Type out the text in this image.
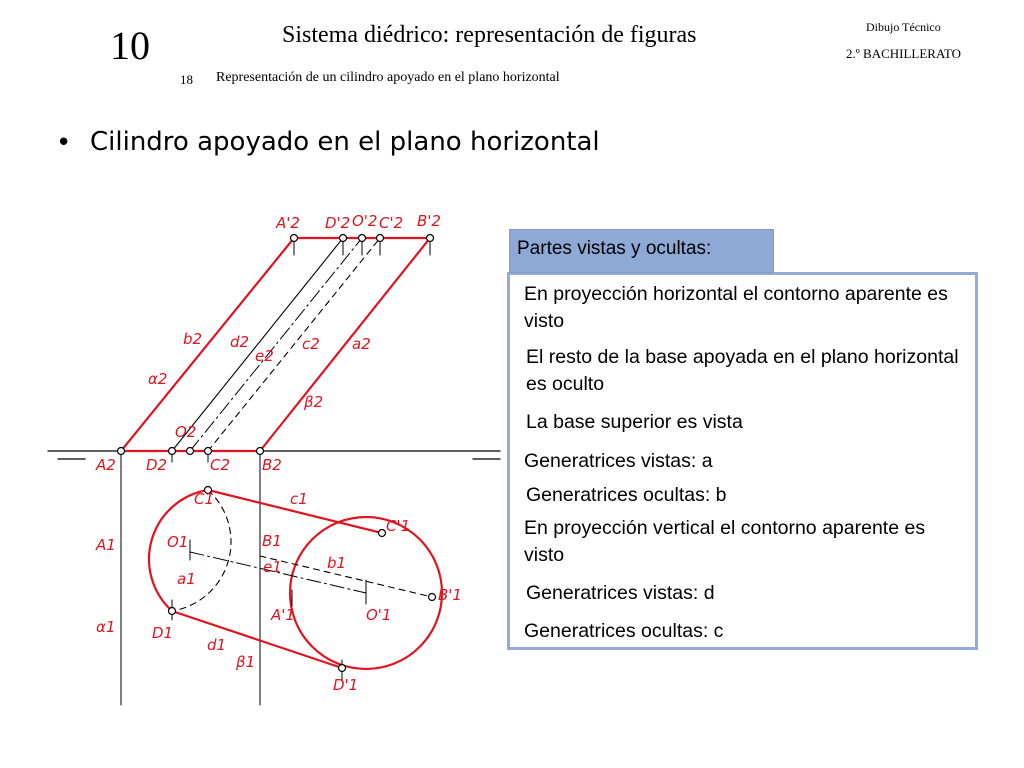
10	Sistema diédrico: representación de figuras	Dibujo Técnico
2.º BACHILLERATO
18 Representación de un cilindro apoyado en el plano horizontal
• Cilindro apoyado en el plano horizontal
A'2 D'2 O'2 C'2 B'2
b2 d2	c2 a2
e2
α2
β2
O2
A2 D2	C2 B2
C1	c1
C'1
A1	O1	B1
e1	b1
a1
B'1
A'1	O'1
α1 D1
d1
β1
D'1
Partes vistas y ocultas:
En proyección horizontal el contorno aparente es visto
El resto de la base apoyada en el plano horizontal es oculto
La base superior es vista
Generatrices vistas: a
Generatrices ocultas: b
En proyección vertical el contorno aparente es visto
Generatrices vistas: d
Generatrices ocultas: c
